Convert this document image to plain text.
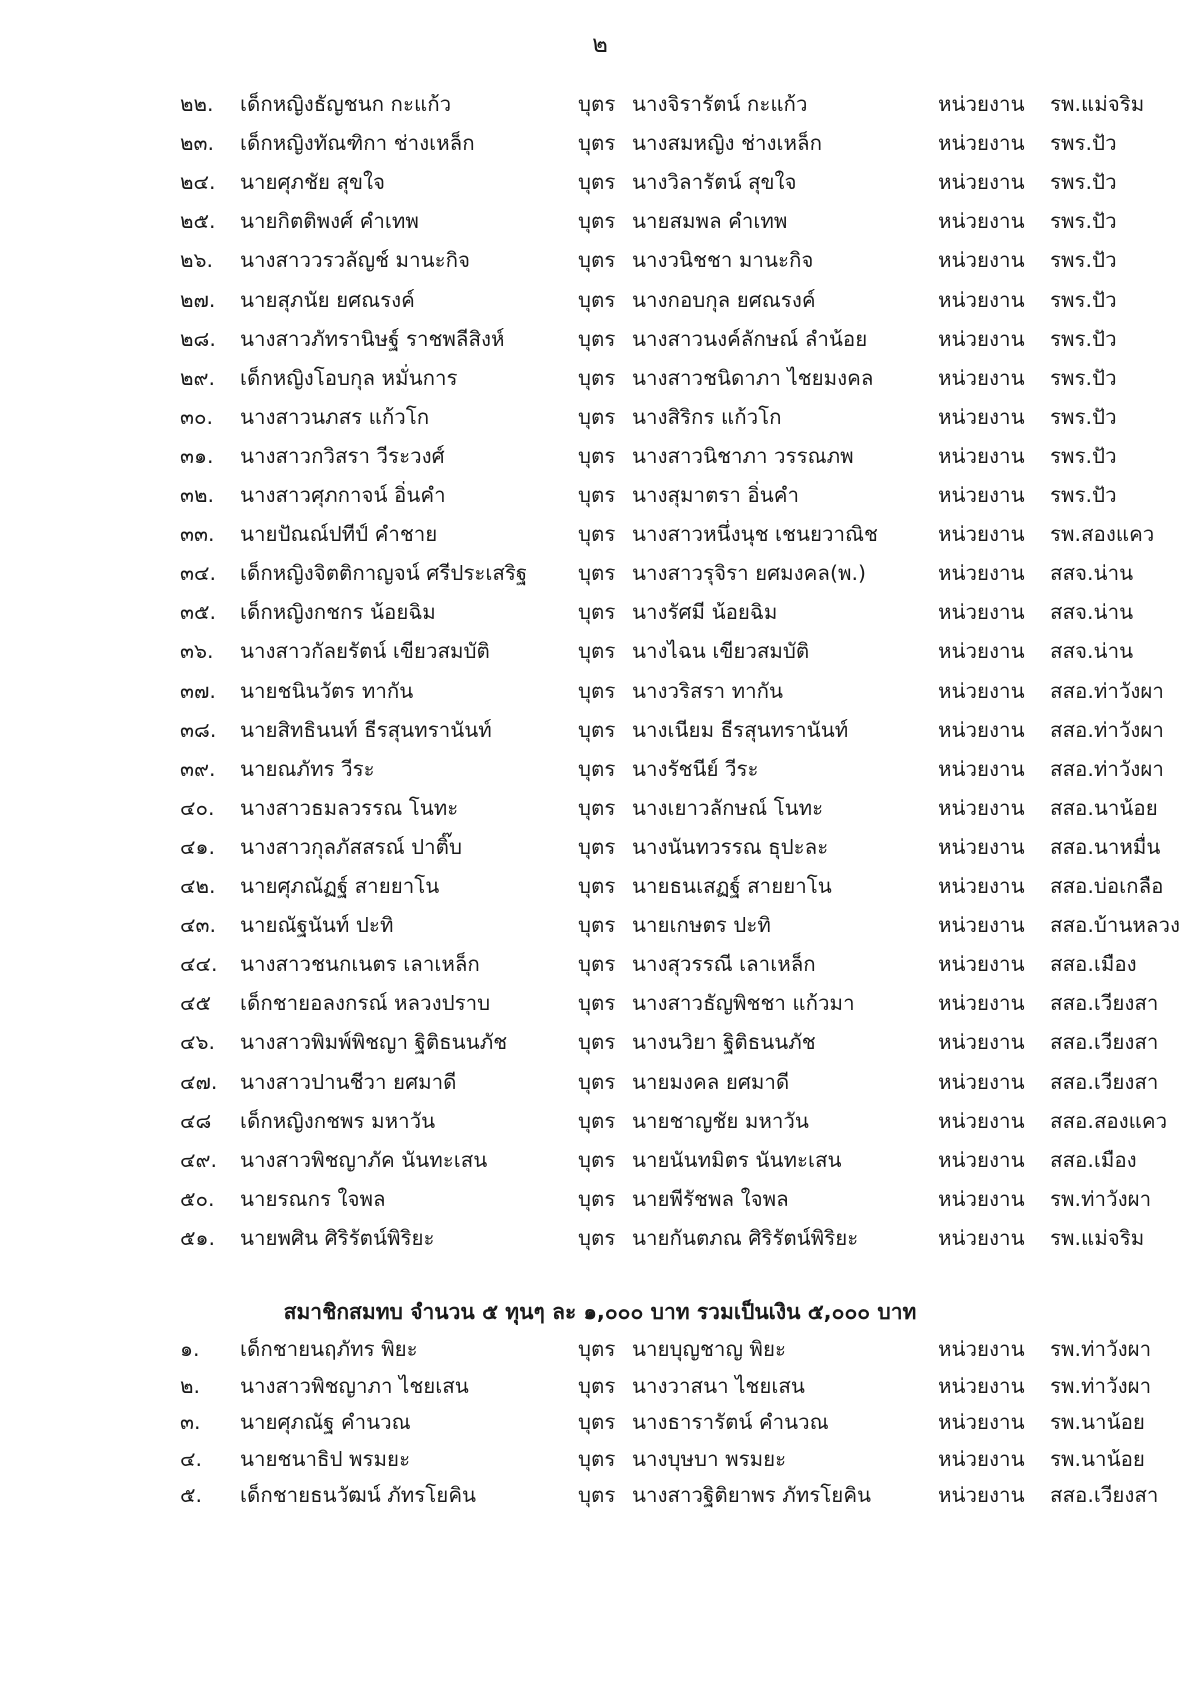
๒
๒๒.	เด็กหญิงธัญชนก กะแก้ว	บุตร นางจิรารัตน์ กะแก้ว	หน่วยงาน รพ.แม่จริม
๒๓.	เด็กหญิงทัณฑิกา ช่างเหล็ก	บุตร นางสมหญิง ช่างเหล็ก	หน่วยงาน รพร.ปัว
๒๔.	นายศุภชัย สุขใจ	บุตร นางวิลารัตน์ สุขใจ	หน่วยงาน รพร.ปัว
๒๕.	นายกิตติพงศ์ คำเทพ	บุตร นายสมพล คำเทพ	หน่วยงาน รพร.ปัว
๒๖.	นางสาววรวลัญช์ มานะกิจ	บุตร นางวนิชชา มานะกิจ	หน่วยงาน รพร.ปัว
๒๗.	นายสุภนัย ยศณรงค์	บุตร นางกอบกุล ยศณรงค์	หน่วยงาน รพร.ปัว
๒๘.	นางสาวภัทรานิษฐ์ ราชพลีสิงห์	บุตร นางสาวนงค์ลักษณ์ ลำน้อย	หน่วยงาน รพร.ปัว
๒๙.	เด็กหญิงโอบกุล หมั่นการ	บุตร นางสาวชนิดาภา ไชยมงคล	หน่วยงาน รพร.ปัว
๓๐.	นางสาวนภสร แก้วโก	บุตร นางสิริกร แก้วโก	หน่วยงาน รพร.ปัว
๓๑.	นางสาวกวิสรา วีระวงศ์	บุตร นางสาวนิชาภา วรรณภพ	หน่วยงาน รพร.ปัว
๓๒.	นางสาวศุภกาจน์ อิ่นคำ	บุตร นางสุมาตรา อิ่นคำ	หน่วยงาน รพร.ปัว
๓๓.	นายปัณณ์ปทีป์ คำชาย	บุตร นางสาวหนึ่งนุช เชนยวาณิช	หน่วยงาน รพ.สองแคว
๓๔.	เด็กหญิงจิตติกาญจน์ ศรีประเสริฐ	บุตร นางสาวรุจิรา ยศมงคล(พ.)	หน่วยงาน สสจ.น่าน
๓๕.	เด็กหญิงกชกร น้อยฉิม	บุตร นางรัศมี น้อยฉิม	หน่วยงาน สสจ.น่าน
๓๖.	นางสาวกัลยรัตน์ เขียวสมบัติ	บุตร นางไฉน เขียวสมบัติ	หน่วยงาน สสจ.น่าน
๓๗.	นายชนินวัตร ทากัน	บุตร นางวริสรา ทากัน	หน่วยงาน สสอ.ท่าวังผา
๓๘.	นายสิทธินนท์ ธีรสุนทรานันท์	บุตร นางเนียม ธีรสุนทรานันท์	หน่วยงาน สสอ.ท่าวังผา
๓๙.	นายณภัทร วีระ	บุตร นางรัชนีย์ วีระ	หน่วยงาน สสอ.ท่าวังผา
๔๐.	นางสาวธมลวรรณ โนทะ	บุตร นางเยาวลักษณ์ โนทะ	หน่วยงาน สสอ.นาน้อย
๔๑.	นางสาวกุลภัสสรณ์ ปาติ๊บ	บุตร นางนันทวรรณ ธุปะละ	หน่วยงาน สสอ.นาหมื่น
๔๒.	นายศุภณัฏฐ์ สายยาโน	บุตร นายธนเสฏฐ์ สายยาโน	หน่วยงาน สสอ.บ่อเกลือ
๔๓.	นายณัฐนันท์ ปะทิ	บุตร นายเกษตร ปะทิ	หน่วยงาน สสอ.บ้านหลวง
๔๔.	นางสาวชนกเนตร เลาเหล็ก	บุตร นางสุวรรณี เลาเหล็ก	หน่วยงาน สสอ.เมือง
๔๕	เด็กชายอลงกรณ์ หลวงปราบ	บุตร นางสาวธัญพิชชา แก้วมา	หน่วยงาน สสอ.เวียงสา
๔๖.	นางสาวพิมพ์พิชญา ฐิติธนนภัช	บุตร นางนวิยา ฐิติธนนภัช	หน่วยงาน สสอ.เวียงสา
๔๗.	นางสาวปานชีวา ยศมาดี	บุตร นายมงคล ยศมาดี	หน่วยงาน สสอ.เวียงสา
๔๘	เด็กหญิงกชพร มหาวัน	บุตร นายชาญชัย มหาวัน	หน่วยงาน สสอ.สองแคว
๔๙.	นางสาวพิชญาภัค นันทะเสน	บุตร นายนันทมิตร นันทะเสน	หน่วยงาน สสอ.เมือง
๕๐.	นายรณกร ใจพล	บุตร นายพีรัชพล ใจพล	หน่วยงาน รพ.ท่าวังผา
๕๑.	นายพศิน ศิริรัตน์พิริยะ	บุตร นายกันตภณ ศิริรัตน์พิริยะ	หน่วยงาน รพ.แม่จริม
สมาชิกสมทบ จำนวน ๕ ทุนๆ ละ ๑,๐๐๐ บาท รวมเป็นเงิน ๕,๐๐๐ บาท
๑.	เด็กชายนฤภัทร พิยะ	บุตร นายบุญชาญ พิยะ	หน่วยงาน รพ.ท่าวังผา
๒.	นางสาวพิชญาภา ไชยเสน	บุตร นางวาสนา ไชยเสน	หน่วยงาน รพ.ท่าวังผา
๓.	นายศุภณัฐ คำนวณ	บุตร นางธารารัตน์ คำนวณ	หน่วยงาน รพ.นาน้อย
๔.	นายชนาธิป พรมยะ	บุตร นางบุษบา พรมยะ	หน่วยงาน รพ.นาน้อย
๕.	เด็กชายธนวัฒน์ ภัทรโยคิน	บุตร นางสาวฐิติยาพร ภัทรโยคิน	หน่วยงาน สสอ.เวียงสา
